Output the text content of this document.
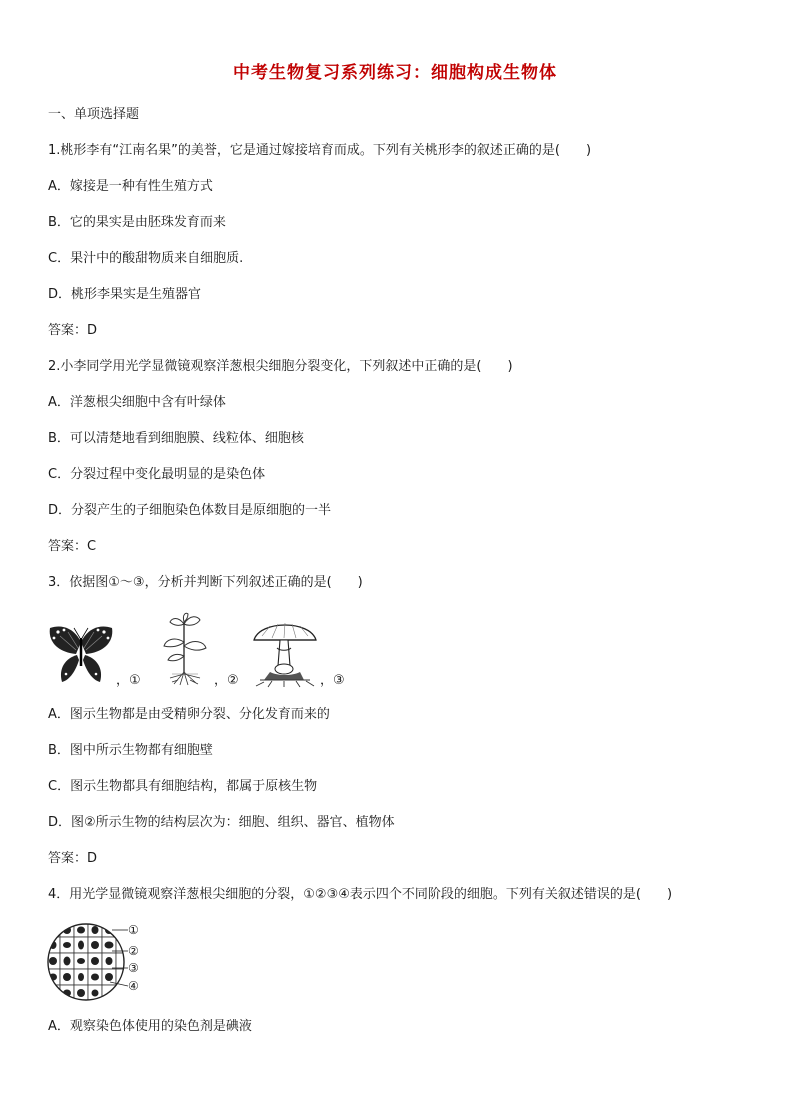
中考生物复习系列练习：细胞构成生物体
一、单项选择题
1.桃形李有“江南名果”的美誉，它是通过嫁接培育而成。下列有关桃形李的叙述正确的是(　　)
A．嫁接是一种有性生殖方式
B．它的果实是由胚珠发育而来
C．果汁中的酸甜物质来自细胞质.
D．桃形李果实是生殖器官
答案：D
2.小李同学用光学显微镜观察洋葱根尖细胞分裂变化，下列叙述中正确的是(　　)
A．洋葱根尖细胞中含有叶绿体
B．可以清楚地看到细胞膜、线粒体、细胞核
C．分裂过程中变化最明显的是染色体
D．分裂产生的子细胞染色体数目是原细胞的一半
答案：C
3．依据图①～③，分析并判断下列叙述正确的是(　　)
，①	，②	，③
A．图示生物都是由受精卵分裂、分化发育而来的
B．图中所示生物都有细胞壁
C．图示生物都具有细胞结构，都属于原核生物
D．图②所示生物的结构层次为：细胞、组织、器官、植物体
答案：D
4．用光学显微镜观察洋葱根尖细胞的分裂，①②③④表示四个不同阶段的细胞。下列有关叙述错误的是(　　)
①
②
③
④
A．观察染色体使用的染色剂是碘液
